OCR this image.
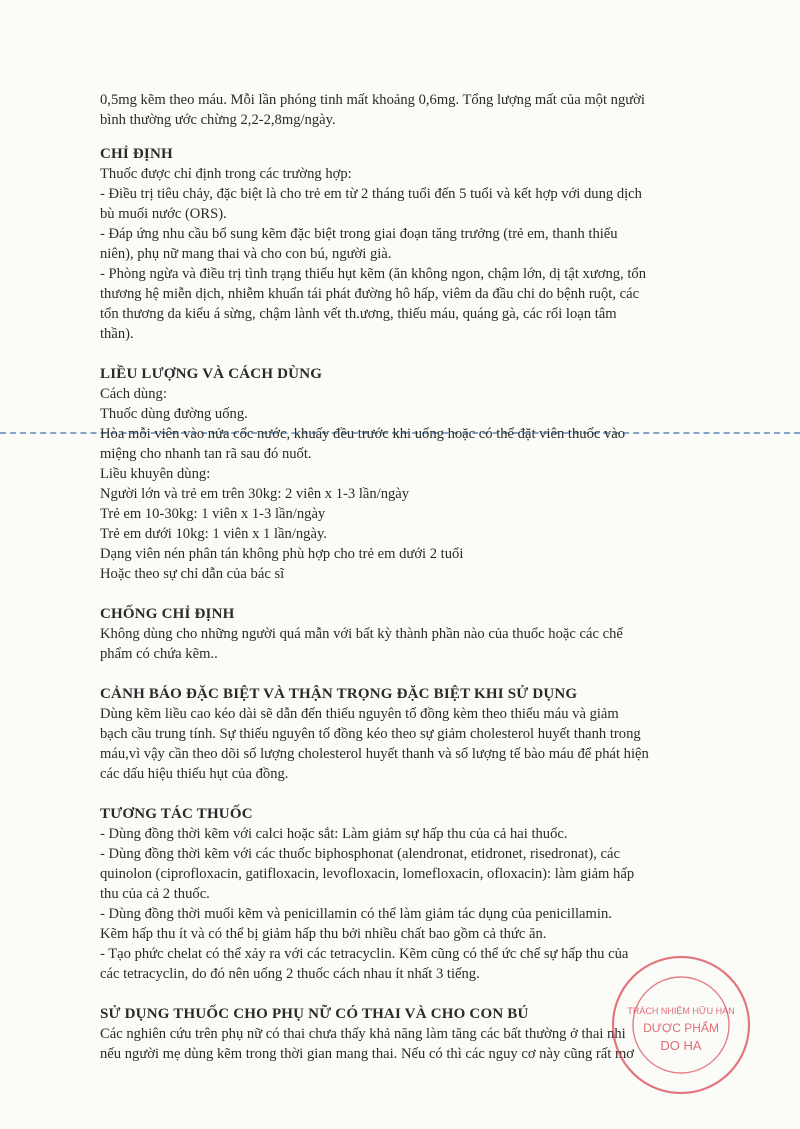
0,5mg kẽm theo máu. Mỗi lần phóng tinh mất khoảng 0,6mg. Tổng lượng mất của một người

bình thường ước chừng 2,2-2,8mg/ngày.

CHỈ ĐỊNH

Thuốc được chỉ định trong các trường hợp:

- Điều trị tiêu chảy, đặc biệt là cho trẻ em từ 2 tháng tuổi đến 5 tuổi và kết hợp với dung dịch

bù muối nước (ORS).

- Đáp ứng nhu cầu bổ sung kẽm đặc biệt trong giai đoạn tăng trưởng (trẻ em, thanh thiếu

niên), phụ nữ mang thai và cho con bú, người già.

- Phòng ngừa và điều trị tình trạng thiếu hụt kẽm (ăn không ngon, chậm lớn, dị tật xương, tổn

thương hệ miễn dịch, nhiễm khuẩn tái phát đường hô hấp, viêm da đầu chi do bệnh ruột, các

tổn thương da kiểu á sừng, chậm lành vết th.ương, thiếu máu, quáng gà, các rối loạn tâm

thần).

LIỀU LƯỢNG VÀ CÁCH DÙNG

Cách dùng:

Thuốc dùng đường uống.

Hòa mỗi viên vào nửa cốc nước, khuấy đều trước khi uống hoặc có thể đặt viên thuốc vào

miệng cho nhanh tan rã sau đó nuốt.

Liều khuyên dùng:

Người lớn và trẻ em trên 30kg: 2 viên x 1-3 lần/ngày

Trẻ em 10-30kg: 1 viên x 1-3 lần/ngày

Trẻ em dưới 10kg: 1 viên x 1 lần/ngày.

Dạng viên nén phân tán không phù hợp cho trẻ em dưới 2 tuổi

Hoặc theo sự chỉ dẫn của bác sĩ

CHỐNG CHỈ ĐỊNH

Không dùng cho những người quá mẫn với bất kỳ thành phần nào của thuốc hoặc các chế

phẩm có chứa kẽm..

CẢNH BÁO ĐẶC BIỆT VÀ THẬN TRỌNG ĐẶC BIỆT KHI SỬ DỤNG

Dùng kẽm liều cao kéo dài sẽ dẫn đến thiếu nguyên tố đồng kèm theo thiếu máu và giảm

bạch cầu trung tính. Sự thiếu nguyên tố đồng kéo theo sự giảm cholesterol huyết thanh trong

máu,vì vậy cần theo dõi số lượng cholesterol huyết thanh và số lượng tế bào máu để phát hiện

các dấu hiệu thiếu hụt của đồng.

TƯƠNG TÁC THUỐC

- Dùng đồng thời kẽm với calci hoặc sắt: Làm giảm sự hấp thu của cả hai thuốc.

- Dùng đồng thời kẽm với các thuốc biphosphonat (alendronat, etidronet, risedronat), các

quinolon (ciprofloxacin, gatifloxacin, levofloxacin, lomefloxacin, ofloxacin): làm giảm hấp

thu của cả 2 thuốc.

- Dùng đồng thời muối kẽm và penicillamin có thể làm giảm tác dụng của penicillamin.

Kẽm hấp thu ít và có thể bị giảm hấp thu bởi nhiều chất bao gồm cả thức ăn.

- Tạo phức chelat có thể xảy ra với các tetracyclin. Kẽm cũng có thể ức chế sự hấp thu của

các tetracyclin, do đó nên uống 2 thuốc cách nhau ít nhất 3 tiếng.

SỬ DỤNG THUỐC CHO PHỤ NỮ CÓ THAI VÀ CHO CON BÚ

Các nghiên cứu trên phụ nữ có thai chưa thấy khả năng làm tăng các bất thường ở thai nhi

nếu người mẹ dùng kẽm trong thời gian mang thai. Nếu có thì các nguy cơ này cũng rất mơ

TRÁCH NHIỆM HỮU HẠN
DƯỢC PHẨM
DO HA
